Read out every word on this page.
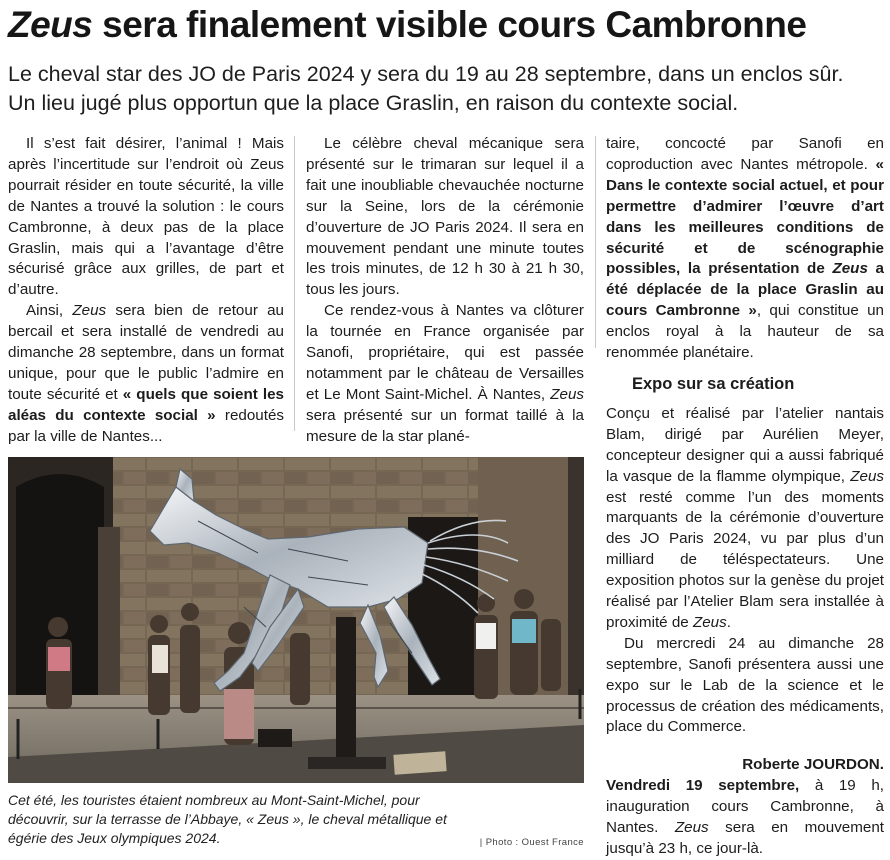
Zeus sera finalement visible cours Cambronne
Le cheval star des JO de Paris 2024 y sera du 19 au 28 septembre, dans un enclos sûr.
Un lieu jugé plus opportun que la place Graslin, en raison du contexte social.

Il s’est fait désirer, l’animal ! Mais après l’incertitude sur l’endroit où Zeus pourrait résider en toute sécurité, la ville de Nantes a trouvé la solution : le cours Cambronne, à deux pas de la place Graslin, mais qui a l’avantage d’être sécurisé grâce aux grilles, de part et d’autre.

Ainsi, Zeus sera bien de retour au bercail et sera installé de vendredi au dimanche 28 septembre, dans un format unique, pour que le public l’admire en toute sécurité et « quels que soient les aléas du contexte social » redoutés par la ville de Nantes...

Le célèbre cheval mécanique sera présenté sur le trimaran sur lequel il a fait une inoubliable chevauchée nocturne sur la Seine, lors de la cérémonie d’ouverture de JO Paris 2024. Il sera en mouvement pendant une minute toutes les trois minutes, de 12 h 30 à 21 h 30, tous les jours.

Ce rendez-vous à Nantes va clôturer la tournée en France organisée par Sanofi, propriétaire, qui est passée notamment par le château de Versailles et Le Mont Saint-Michel. À Nantes, Zeus sera présenté sur un format taillé à la mesure de la star plané-

taire, concocté par Sanofi en coproduction avec Nantes métropole. « Dans le contexte social actuel, et pour permettre d’admirer l’œuvre d’art dans les meilleures conditions de sécurité et de scénographie possibles, la présentation de Zeus a été déplacée de la place Graslin au cours Cambronne », qui constitue un enclos royal à la hauteur de sa renommée planétaire.

Expo sur sa création

Conçu et réalisé par l’atelier nantais Blam, dirigé par Aurélien Meyer, concepteur designer qui a aussi fabriqué la vasque de la flamme olympique, Zeus est resté comme l’un des moments marquants de la cérémonie d’ouverture des JO Paris 2024, vu par plus d’un milliard de téléspectateurs. Une exposition photos sur la genèse du projet réalisé par l’Atelier Blam sera installée à proximité de Zeus.

Du mercredi 24 au dimanche 28 septembre, Sanofi présentera aussi une expo sur le Lab de la science et le processus de création des médicaments, place du Commerce.

Roberte JOURDON.

Vendredi 19 septembre, à 19 h, inauguration cours Cambronne, à Nantes. Zeus sera en mouvement jusqu’à 23 h, ce jour-là.

| Photo : Ouest France
Cet été, les touristes étaient nombreux au Mont-Saint-Michel, pour découvrir, sur la terrasse de l’Abbaye, « Zeus », le cheval métallique et égérie des Jeux olympiques 2024.
